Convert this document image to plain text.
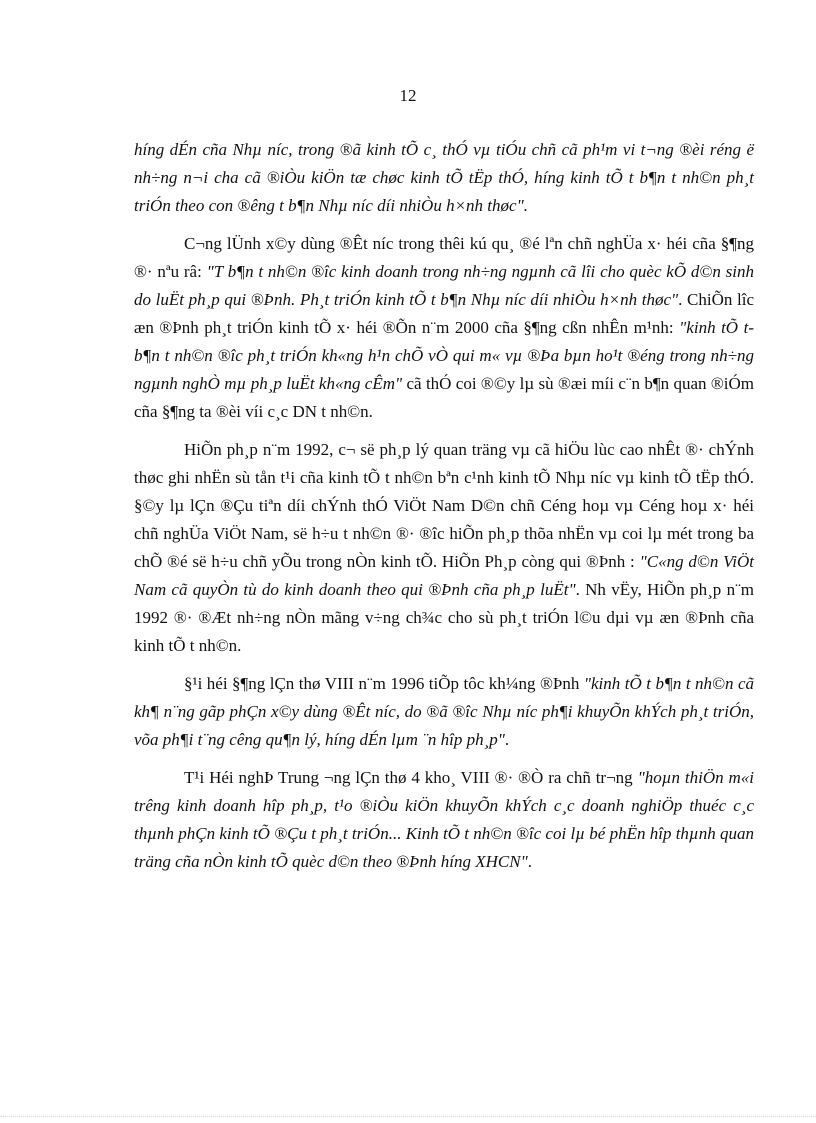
12

híng dÉn cña Nhµ níc, trong ®ã kinh tÕ c¸ thÓ vµ tiÓu chñ cã ph¹m vi t¬ng ®èi réng ë nh÷ng n¬i cha cã ®iÒu kiÖn tæ chøc kinh tÕ tËp thÓ, híng kinh tÕ t b¶n t nh©n ph¸t triÓn theo con ®êng t b¶n Nhµ níc díi nhiÒu h×nh thøc".

C¬ng lÜnh x©y dùng ®Êt níc trong thêi kú qu¸ ®é lªn chñ nghÜa x· héi cña §¶ng ®· nªu râ: "T b¶n t nh©n ®îc kinh doanh trong nh÷ng ngµnh cã lîi cho quèc kÕ d©n sinh do luËt ph¸p qui ®Þnh. Ph¸t triÓn kinh tÕ t b¶n Nhµ níc díi nhiÒu h×nh thøc". ChiÕn lîc æn ®Þnh ph¸t triÓn kinh tÕ x· héi ®Õn n¨m 2000 cña §¶ng cßn nhÊn m¹nh: "kinh tÕ t b¶n t nh©n ®îc ph¸t triÓn kh«ng h¹n chÕ vÒ qui m« vµ ®Þa bµn ho¹t ®éng trong nh÷ng ngµnh nghÒ mµ ph¸p luËt kh«ng cÊm" cã thÓ coi ®©y lµ sù ®æi míi c¨n b¶n quan ®iÓm cña §¶ng ta ®èi víi c¸c DN t nh©n.

HiÕn ph¸p n¨m 1992, c¬ së ph¸p lý quan träng vµ cã hiÖu lùc cao nhÊt ®· chÝnh thøc ghi nhËn sù tån t¹i cña kinh tÕ t nh©n bªn c¹nh kinh tÕ Nhµ níc vµ kinh tÕ tËp thÓ. §©y lµ lÇn ®Çu tiªn díi chÝnh thÓ ViÖt Nam D©n chñ Céng hoµ vµ Céng hoµ x· héi chñ nghÜa ViÖt Nam, së h÷u t nh©n ®· ®îc hiÕn ph¸p thõa nhËn vµ coi lµ mét trong ba chÕ ®é së h÷u chñ yÕu trong nÒn kinh tÕ. HiÕn Ph¸p còng qui ®Þnh : "C«ng d©n ViÖt Nam cã quyÒn tù do kinh doanh theo qui ®Þnh cña ph¸p luËt". Nh vËy, HiÕn ph¸p n¨m 1992 ®· ®Æt nh÷ng nÒn mãng v÷ng ch¾c cho sù ph¸t triÓn l©u dµi vµ æn ®Þnh cña kinh tÕ t nh©n.

§¹i héi §¶ng lÇn thø VIII n¨m 1996 tiÕp tôc kh¼ng ®Þnh "kinh tÕ t b¶n t nh©n cã kh¶ n¨ng gãp phÇn x©y dùng ®Êt níc, do ®ã ®îc Nhµ níc ph¶i khuyÕn khÝch ph¸t triÓn, võa ph¶i t¨ng cêng qu¶n lý, híng dÉn lµm ¨n hîp ph¸p".

T¹i Héi nghÞ Trung ¬ng lÇn thø 4 kho¸ VIII ®· ®Ò ra chñ tr¬ng "hoµn thiÖn m«i trêng kinh doanh hîp ph¸p, t¹o ®iÒu kiÖn khuyÕn khÝch c¸c doanh nghiÖp thuéc c¸c thµnh phÇn kinh tÕ ®Çu t ph¸t triÓn... Kinh tÕ t nh©n ®îc coi lµ bé phËn hîp thµnh quan träng cña nÒn kinh tÕ quèc d©n theo ®Þnh híng XHCN".
